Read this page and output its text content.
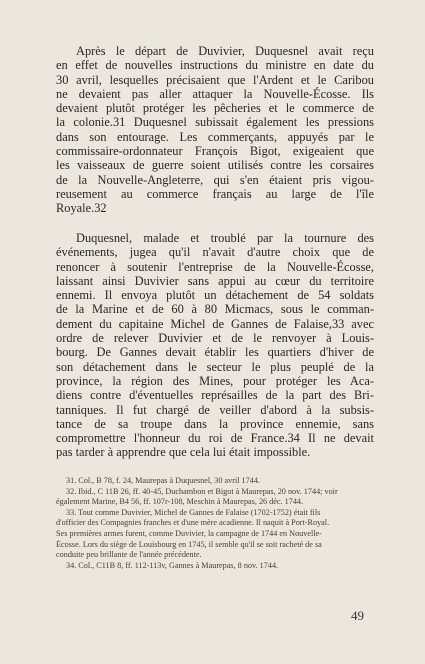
Après le départ de Duvivier, Duquesnel avait reçu
en effet de nouvelles instructions du ministre en date du
30 avril, lesquelles précisaient que l'Ardent et le Caribou
ne devaient pas aller attaquer la Nouvelle-Écosse. Ils
devaient plutôt protéger les pêcheries et le commerce de
la colonie.31 Duquesnel subissait également les pressions
dans son entourage. Les commerçants, appuyés par le
commissaire-ordonnateur François Bigot, exigeaient que
les vaisseaux de guerre soient utilisés contre les corsaires
de la Nouvelle-Angleterre, qui s'en étaient pris vigou-
reusement au commerce français au large de l'île
Royale.32
Duquesnel, malade et troublé par la tournure des
événements, jugea qu'il n'avait d'autre choix que de
renoncer à soutenir l'entreprise de la Nouvelle-Écosse,
laissant ainsi Duvivier sans appui au cœur du territoire
ennemi. Il envoya plutôt un détachement de 54 soldats
de la Marine et de 60 à 80 Micmacs, sous le comman-
dement du capitaine Michel de Gannes de Falaise,33 avec
ordre de relever Duvivier et de le renvoyer à Louis-
bourg. De Gannes devait établir les quartiers d'hiver de
son détachement dans le secteur le plus peuplé de la
province, la région des Mines, pour protéger les Aca-
diens contre d'éventuelles représailles de la part des Bri-
tanniques. Il fut chargé de veiller d'abord à la subsis-
tance de sa troupe dans la province ennemie, sans
compromettre l'honneur du roi de France.34 Il ne devait
pas tarder à apprendre que cela lui était impossible.
31. Col., B 78, f. 24, Maurepas à Duquesnel, 30 avril 1744.
32. Ibid., C 11B 26, ff. 40-45, Duchambon et Bigot à Maurepas, 20 nov. 1744; voir
également Marine, B4 56, ff. 107r-108, Meschin à Maurepas, 26 déc. 1744.
33. Tout comme Duvivier, Michel de Gannes de Falaise (1702-1752) était fils
d'officier des Compagnies franches et d'une mère acadienne. Il naquit à Port-Royal.
Ses premières armes furent, comme Duvivier, la campagne de 1744 en Nouvelle-
Écosse. Lors du siège de Louisbourg en 1745, il semble qu'il se soit racheté de sa
conduite peu brillante de l'année précédente.
34. Col., C11B 8, ff. 112-113v, Gannes à Maurepas, 8 nov. 1744.
49
